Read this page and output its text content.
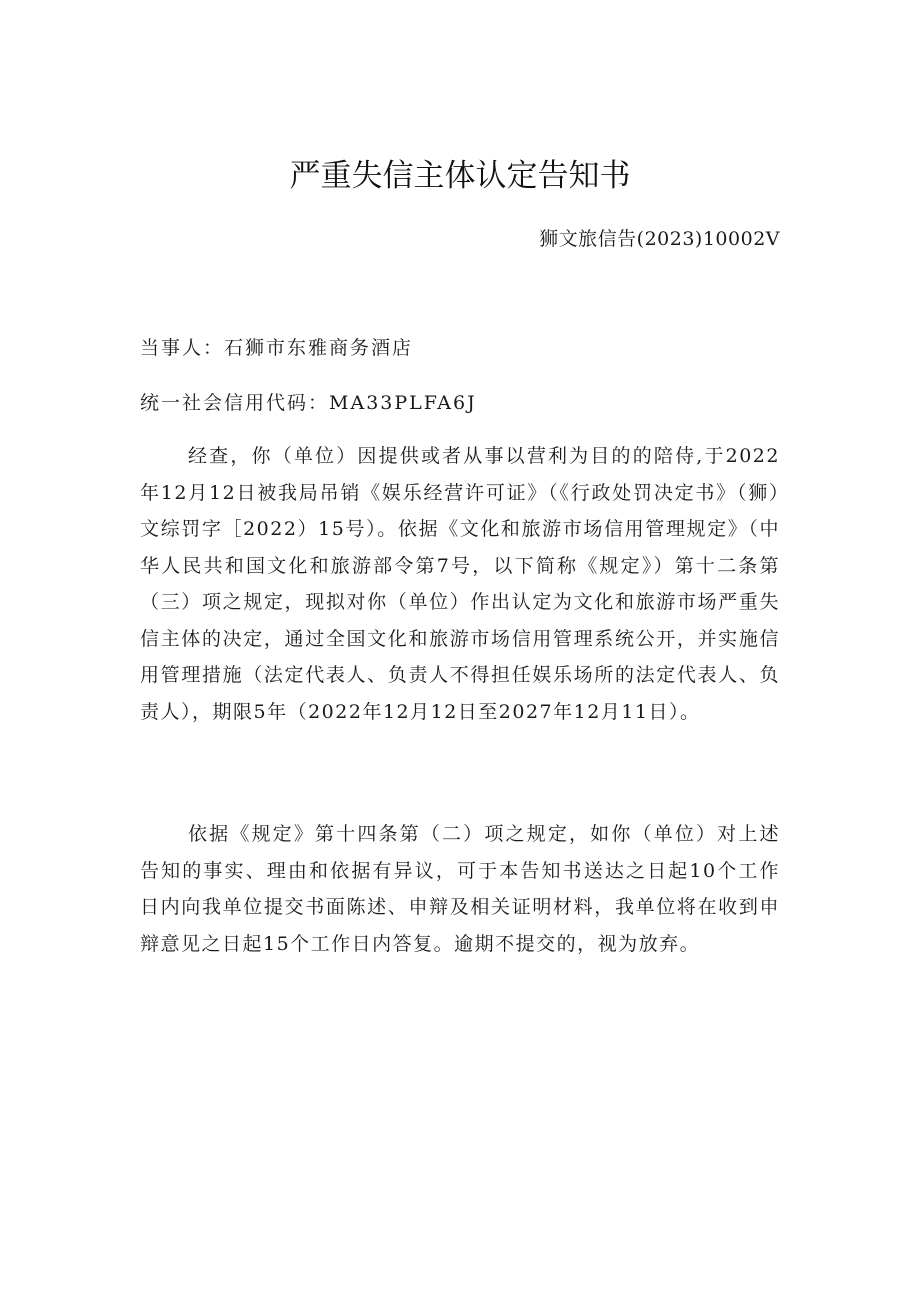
严重失信主体认定告知书
狮文旅信告(2023)10002V
当事人：石狮市东雅商务酒店
统一社会信用代码：MA33PLFA6J

经查，你（单位）因提供或者从事以营利为目的的陪侍,于2022年12月12日被我局吊销《娱乐经营许可证》（《行政处罚决定书》（狮）文综罚字［2022）15号）。依据《文化和旅游市场信用管理规定》（中华人民共和国文化和旅游部令第7号，以下简称《规定》）第十二条第（三）项之规定，现拟对你（单位）作出认定为文化和旅游市场严重失信主体的决定，通过全国文化和旅游市场信用管理系统公开，并实施信用管理措施（法定代表人、负责人不得担任娱乐场所的法定代表人、负责人），期限5年（2022年12月12日至2027年12月11日）。

依据《规定》第十四条第（二）项之规定，如你（单位）对上述告知的事实、理由和依据有异议，可于本告知书送达之日起10个工作日内向我单位提交书面陈述、申辩及相关证明材料，我单位将在收到申辩意见之日起15个工作日内答复。逾期不提交的，视为放弃。
